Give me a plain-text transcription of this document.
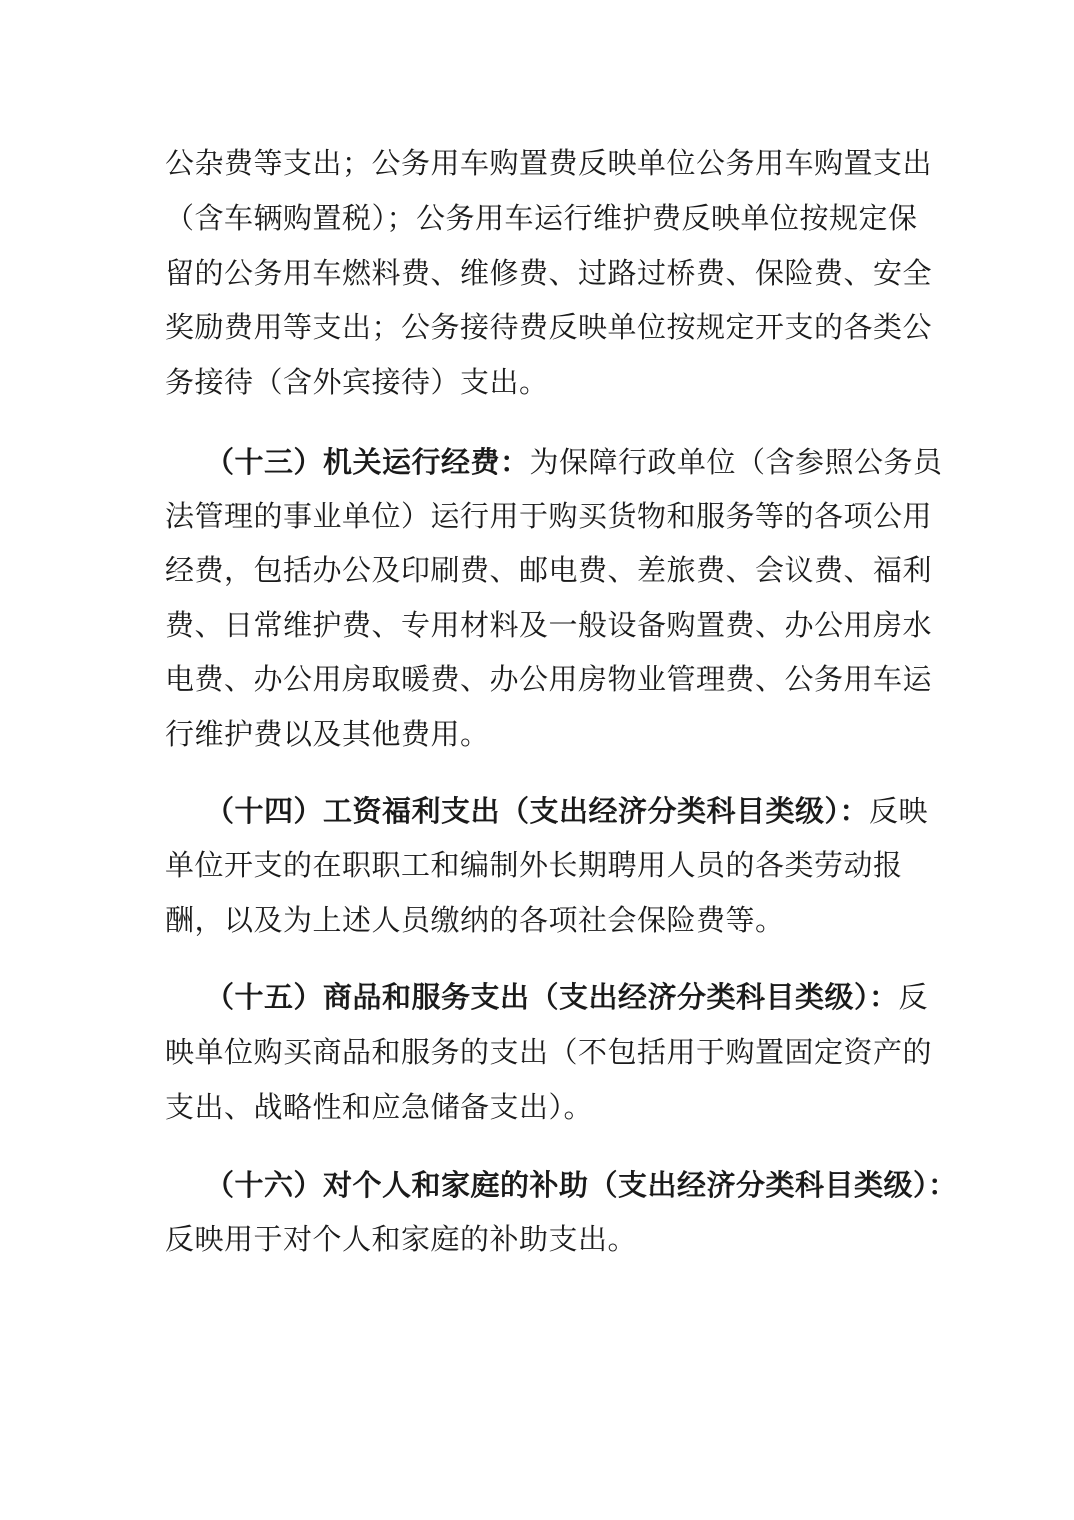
公杂费等支出；公务用车购置费反映单位公务用车购置支出
（含车辆购置税）；公务用车运行维护费反映单位按规定保
留的公务用车燃料费、维修费、过路过桥费、保险费、安全
奖励费用等支出；公务接待费反映单位按规定开支的各类公
务接待（含外宾接待）支出。
（十三）机关运行经费：为保障行政单位（含参照公务员
法管理的事业单位）运行用于购买货物和服务等的各项公用
经费，包括办公及印刷费、邮电费、差旅费、会议费、福利
费、日常维护费、专用材料及一般设备购置费、办公用房水
电费、办公用房取暖费、办公用房物业管理费、公务用车运
行维护费以及其他费用。
（十四）工资福利支出（支出经济分类科目类级）：反映
单位开支的在职职工和编制外长期聘用人员的各类劳动报
酬，以及为上述人员缴纳的各项社会保险费等。
（十五）商品和服务支出（支出经济分类科目类级）：反
映单位购买商品和服务的支出（不包括用于购置固定资产的
支出、战略性和应急储备支出）。
（十六）对个人和家庭的补助（支出经济分类科目类级）：
反映用于对个人和家庭的补助支出。
